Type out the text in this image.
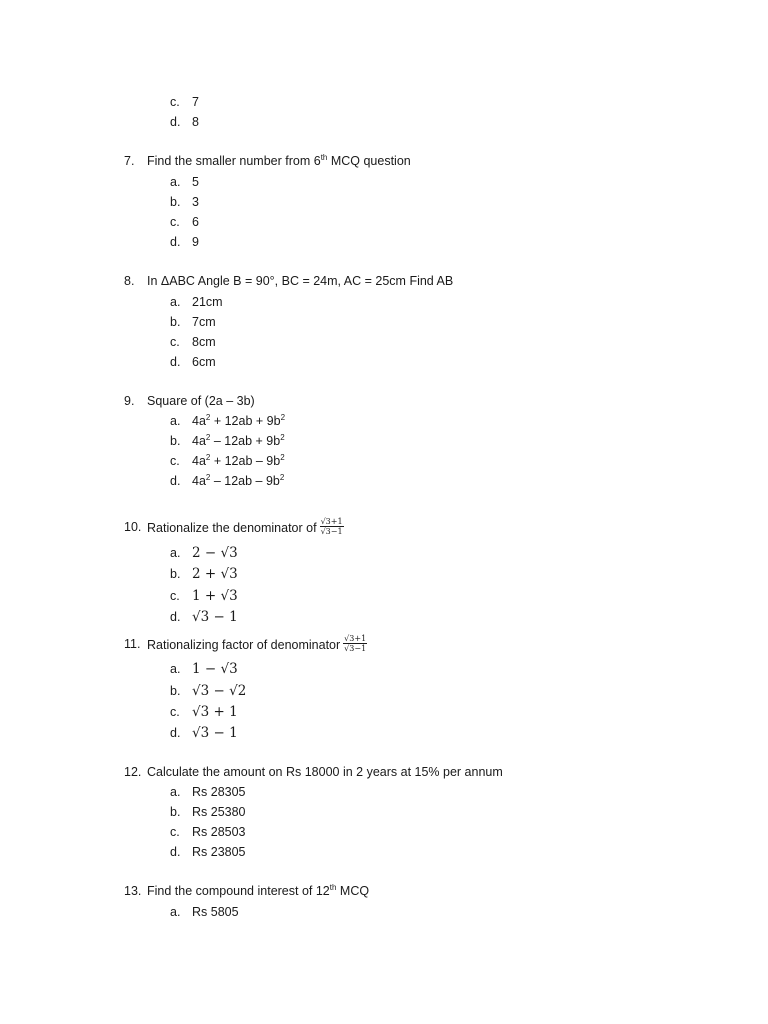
c. 7
d. 8
7. Find the smaller number from 6th MCQ question
a. 5
b. 3
c. 6
d. 9
8. In ΔABC Angle B = 90°, BC = 24m, AC = 25cm Find AB
a. 21cm
b. 7cm
c. 8cm
d. 6cm
9. Square of (2a – 3b)
a. $4a^2 + 12ab + 9b^2$
b. $4a^2 - 12ab + 9b^2$
c. $4a^2 + 12ab - 9b^2$
d. $4a^2 - 12ab - 9b^2$
10. Rationalize the denominator of $\frac{√3+1}{√3-1}$
a. 2 − √3
b. 2 + √3
c. 1 + √3
d. √3 − 1
11. Rationalizing factor of denominator $\frac{√3+1}{√3-1}$
a. 1 − √3
b. √3 − √2
c. √3 + 1
d. √3 − 1
12. Calculate the amount on Rs 18000 in 2 years at 15% per annum
a. Rs 28305
b. Rs 25380
c. Rs 28503
d. Rs 23805
13. Find the compound interest of 12th MCQ
a. Rs 5805
